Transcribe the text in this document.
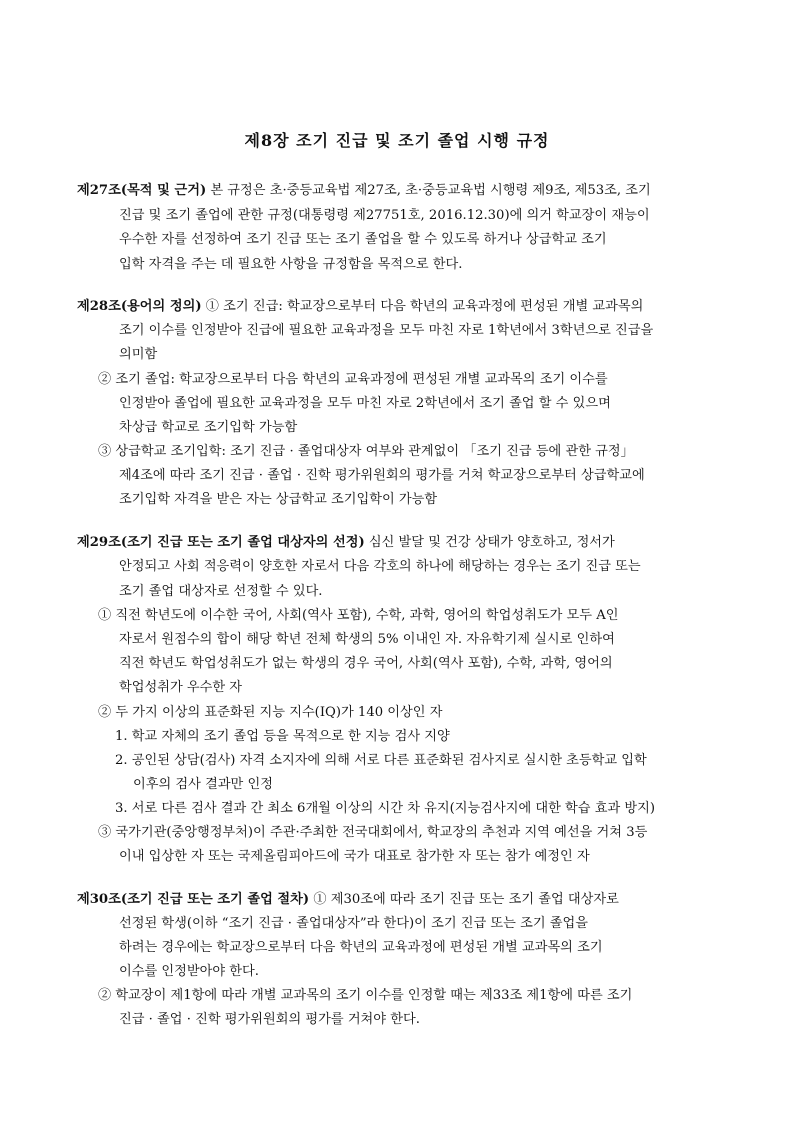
제8장 조기 진급 및 조기 졸업 시행 규정
제27조(목적 및 근거) 본 규정은 초·중등교육법 제27조, 초·중등교육법 시행령 제9조, 제53조, 조기
진급 및 조기 졸업에 관한 규정(대통령령 제27751호, 2016.12.30)에 의거 학교장이 재능이
우수한 자를 선정하여 조기 진급 또는 조기 졸업을 할 수 있도록 하거나 상급학교 조기
입학 자격을 주는 데 필요한 사항을 규정함을 목적으로 한다.
제28조(용어의 정의) ① 조기 진급: 학교장으로부터 다음 학년의 교육과정에 편성된 개별 교과목의
조기 이수를 인정받아 진급에 필요한 교육과정을 모두 마친 자로 1학년에서 3학년으로 진급을
의미함
② 조기 졸업: 학교장으로부터 다음 학년의 교육과정에 편성된 개별 교과목의 조기 이수를
인정받아 졸업에 필요한 교육과정을 모두 마친 자로 2학년에서 조기 졸업 할 수 있으며
차상급 학교로 조기입학 가능함
③ 상급학교 조기입학: 조기 진급 · 졸업대상자 여부와 관계없이 「조기 진급 등에 관한 규정」
제4조에 따라 조기 진급 · 졸업 · 진학 평가위원회의 평가를 거쳐 학교장으로부터 상급학교에
조기입학 자격을 받은 자는 상급학교 조기입학이 가능함
제29조(조기 진급 또는 조기 졸업 대상자의 선정) 심신 발달 및 건강 상태가 양호하고, 정서가
안정되고 사회 적응력이 양호한 자로서 다음 각호의 하나에 해당하는 경우는 조기 진급 또는
조기 졸업 대상자로 선정할 수 있다.
① 직전 학년도에 이수한 국어, 사회(역사 포함), 수학, 과학, 영어의 학업성취도가 모두 A인
자로서 원점수의 합이 해당 학년 전체 학생의 5% 이내인 자. 자유학기제 실시로 인하여
직전 학년도 학업성취도가 없는 학생의 경우 국어, 사회(역사 포함), 수학, 과학, 영어의
학업성취가 우수한 자
② 두 가지 이상의 표준화된 지능 지수(IQ)가 140 이상인 자
1. 학교 자체의 조기 졸업 등을 목적으로 한 지능 검사 지양
2. 공인된 상담(검사) 자격 소지자에 의해 서로 다른 표준화된 검사지로 실시한 초등학교 입학
이후의 검사 결과만 인정
3. 서로 다른 검사 결과 간 최소 6개월 이상의 시간 차 유지(지능검사지에 대한 학습 효과 방지)
③ 국가기관(중앙행정부처)이 주관·주최한 전국대회에서, 학교장의 추천과 지역 예선을 거쳐 3등
이내 입상한 자 또는 국제올림피아드에 국가 대표로 참가한 자 또는 참가 예정인 자
제30조(조기 진급 또는 조기 졸업 절차) ① 제30조에 따라 조기 진급 또는 조기 졸업 대상자로
선정된 학생(이하 “조기 진급 · 졸업대상자”라 한다)이 조기 진급 또는 조기 졸업을
하려는 경우에는 학교장으로부터 다음 학년의 교육과정에 편성된 개별 교과목의 조기
이수를 인정받아야 한다.
② 학교장이 제1항에 따라 개별 교과목의 조기 이수를 인정할 때는 제33조 제1항에 따른 조기
진급 · 졸업 · 진학 평가위원회의 평가를 거쳐야 한다.
